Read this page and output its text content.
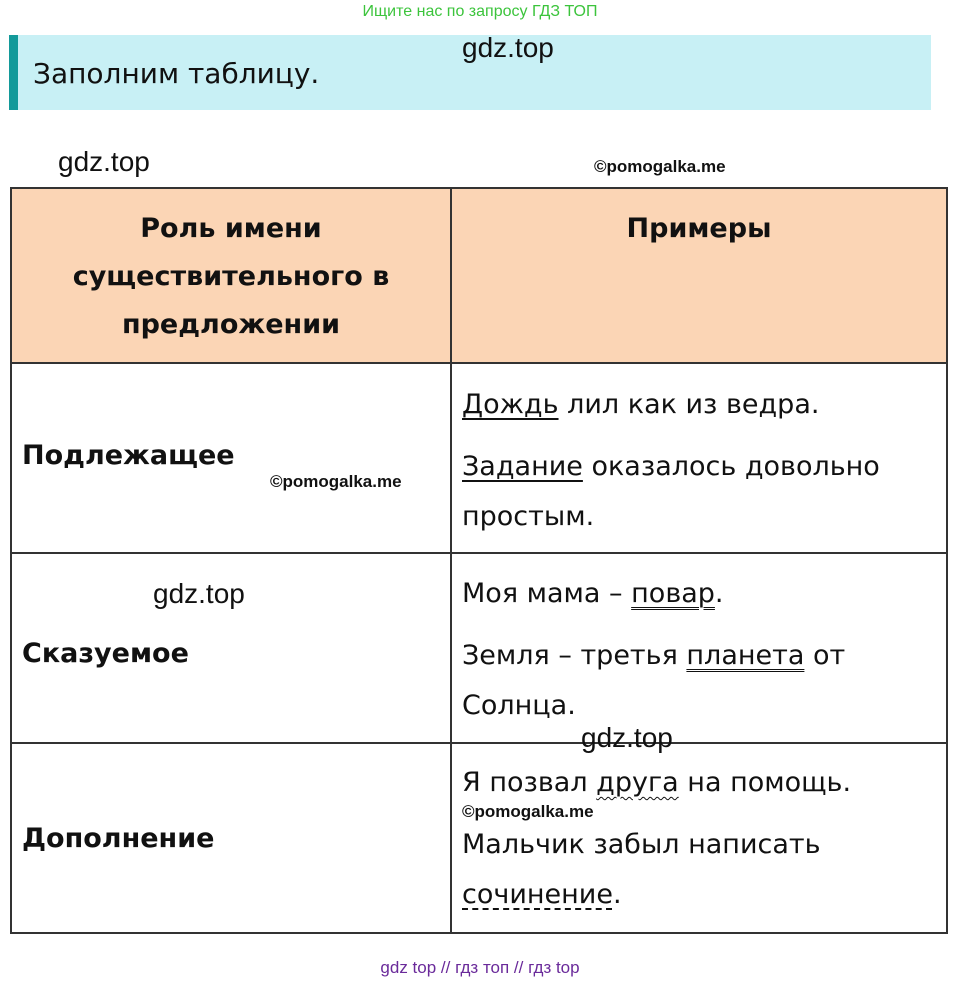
Ищите нас по запросу ГДЗ ТОП
Заполним таблицу.
gdz.top
gdz.top	©pomogalka.me
Роль имени существительного в предложении	Примеры

Подлежащее	Дождь лил как из ведра.

Задание оказалось довольно простым.

Сказуемое	Моя мама – повар.

Земля – третья планета от Солнца.

Дополнение	Я позвал друга на помощь.

Мальчик забыл написать сочинение.

©pomogalka.me
gdz.top
gdz.top
©pomogalka.me
gdz top // гдз топ // гдз top
